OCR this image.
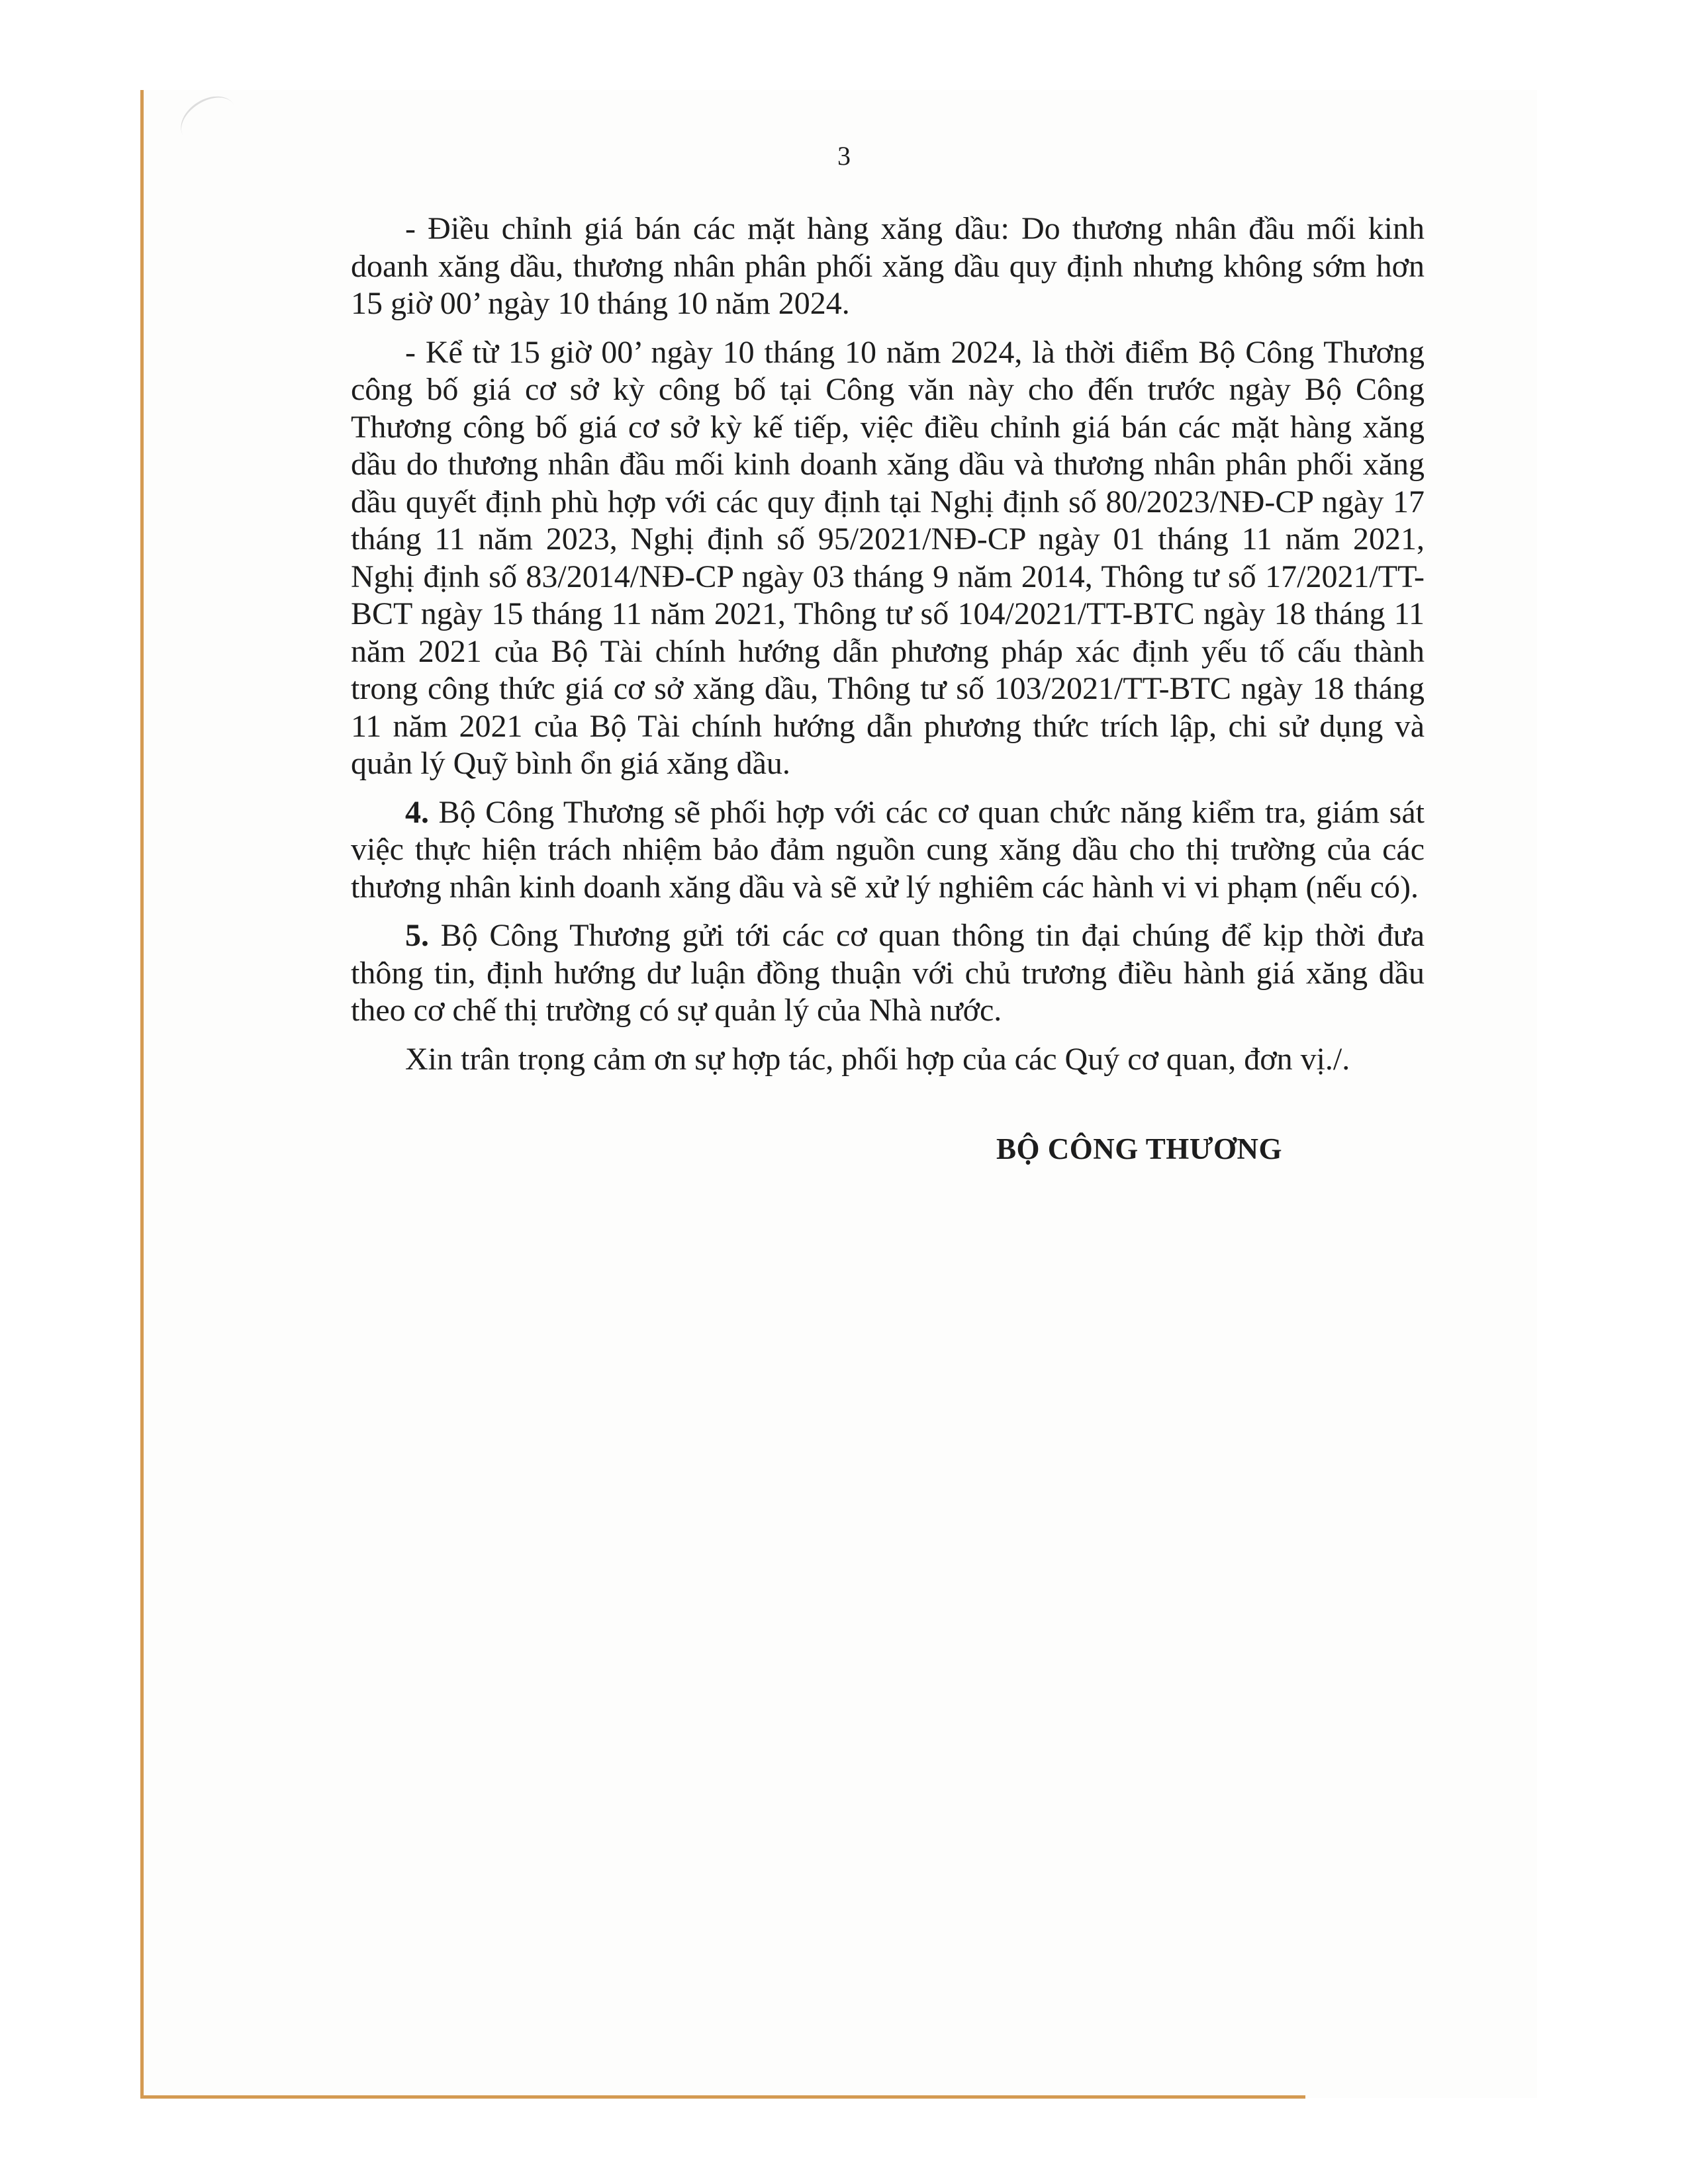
3

- Điều chỉnh giá bán các mặt hàng xăng dầu: Do thương nhân đầu mối kinh doanh xăng dầu, thương nhân phân phối xăng dầu quy định nhưng không sớm hơn 15 giờ 00’ ngày 10 tháng 10 năm 2024.

- Kể từ 15 giờ 00’ ngày 10 tháng 10 năm 2024, là thời điểm Bộ Công Thương công bố giá cơ sở kỳ công bố tại Công văn này cho đến trước ngày Bộ Công Thương công bố giá cơ sở kỳ kế tiếp, việc điều chỉnh giá bán các mặt hàng xăng dầu do thương nhân đầu mối kinh doanh xăng dầu và thương nhân phân phối xăng dầu quyết định phù hợp với các quy định tại Nghị định số 80/2023/NĐ-CP ngày 17 tháng 11 năm 2023, Nghị định số 95/2021/NĐ-CP ngày 01 tháng 11 năm 2021, Nghị định số 83/2014/NĐ-CP ngày 03 tháng 9 năm 2014, Thông tư số 17/2021/TT-BCT ngày 15 tháng 11 năm 2021, Thông tư số 104/2021/TT-BTC ngày 18 tháng 11 năm 2021 của Bộ Tài chính hướng dẫn phương pháp xác định yếu tố cấu thành trong công thức giá cơ sở xăng dầu, Thông tư số 103/2021/TT-BTC ngày 18 tháng 11 năm 2021 của Bộ Tài chính hướng dẫn phương thức trích lập, chi sử dụng và quản lý Quỹ bình ổn giá xăng dầu.

4. Bộ Công Thương sẽ phối hợp với các cơ quan chức năng kiểm tra, giám sát việc thực hiện trách nhiệm bảo đảm nguồn cung xăng dầu cho thị trường của các thương nhân kinh doanh xăng dầu và sẽ xử lý nghiêm các hành vi vi phạm (nếu có).

5. Bộ Công Thương gửi tới các cơ quan thông tin đại chúng để kịp thời đưa thông tin, định hướng dư luận đồng thuận với chủ trương điều hành giá xăng dầu theo cơ chế thị trường có sự quản lý của Nhà nước.

Xin trân trọng cảm ơn sự hợp tác, phối hợp của các Quý cơ quan, đơn vị./.

BỘ CÔNG THƯƠNG
